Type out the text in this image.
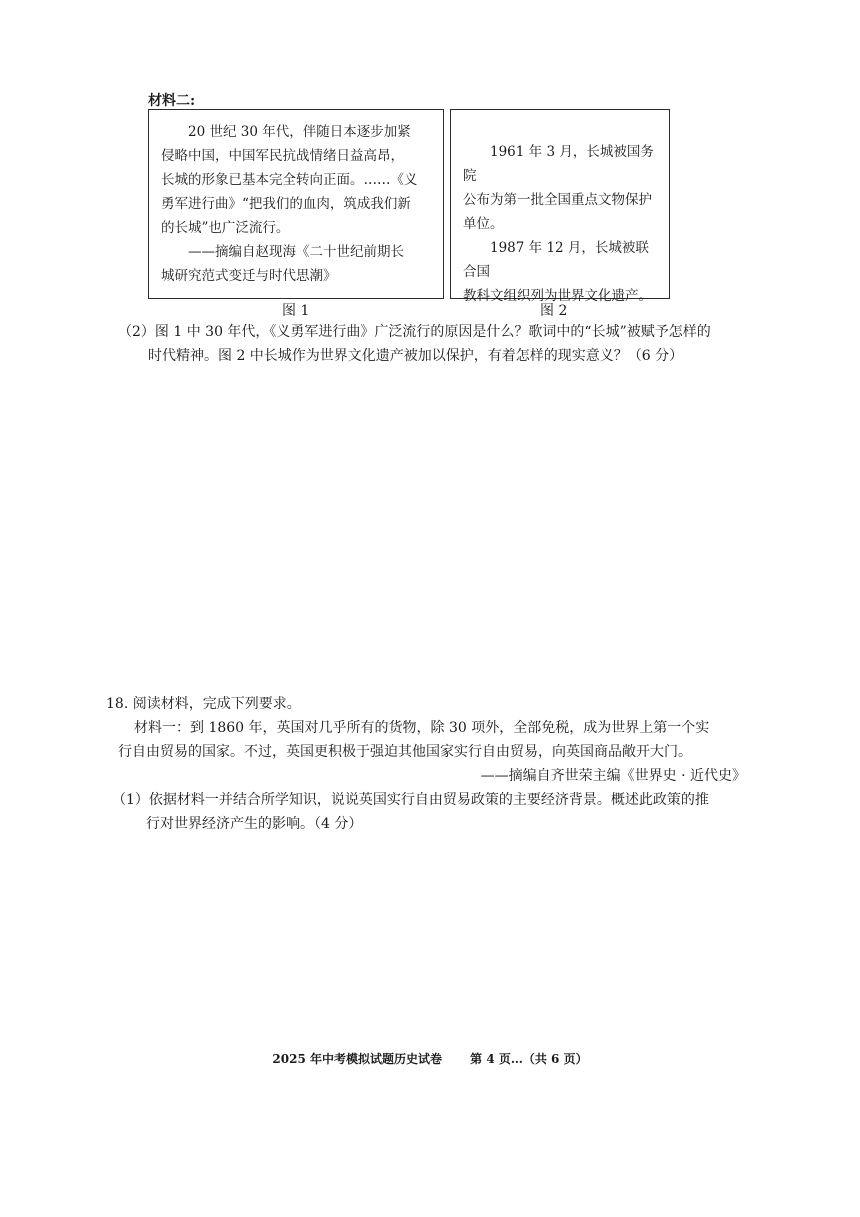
材料二:

20 世纪 30 年代，伴随日本逐步加紧

侵略中国，中国军民抗战情绪日益高昂，

长城的形象已基本完全转向正面。……《义

勇军进行曲》“把我们的血肉，筑成我们新

的长城”也广泛流行。

——摘编自赵现海《二十世纪前期长

城研究范式变迁与时代思潮》

1961 年 3 月，长城被国务院

公布为第一批全国重点文物保护

单位。

1987 年 12 月，长城被联合国

教科文组织列为世界文化遗产。

图 1	图 2
（2）图 1 中 30 年代，《义勇军进行曲》广泛流行的原因是什么？歌词中的“长城”被赋予怎样的
时代精神。图 2 中长城作为世界文化遗产被加以保护，有着怎样的现实意义？（6 分）
18. 阅读材料，完成下列要求。
材料一：到 1860 年，英国对几乎所有的货物，除 30 项外，全部免税，成为世界上第一个实
行自由贸易的国家。不过，英国更积极于强迫其他国家实行自由贸易，向英国商品敞开大门。
——摘编自齐世荣主编《世界史 · 近代史》
（1）依据材料一并结合所学知识，说说英国实行自由贸易政策的主要经济背景。概述此政策的推
行对世界经济产生的影响。（4 分）
2025 年中考模拟试题历史试卷 第 4 页…（共 6 页）
